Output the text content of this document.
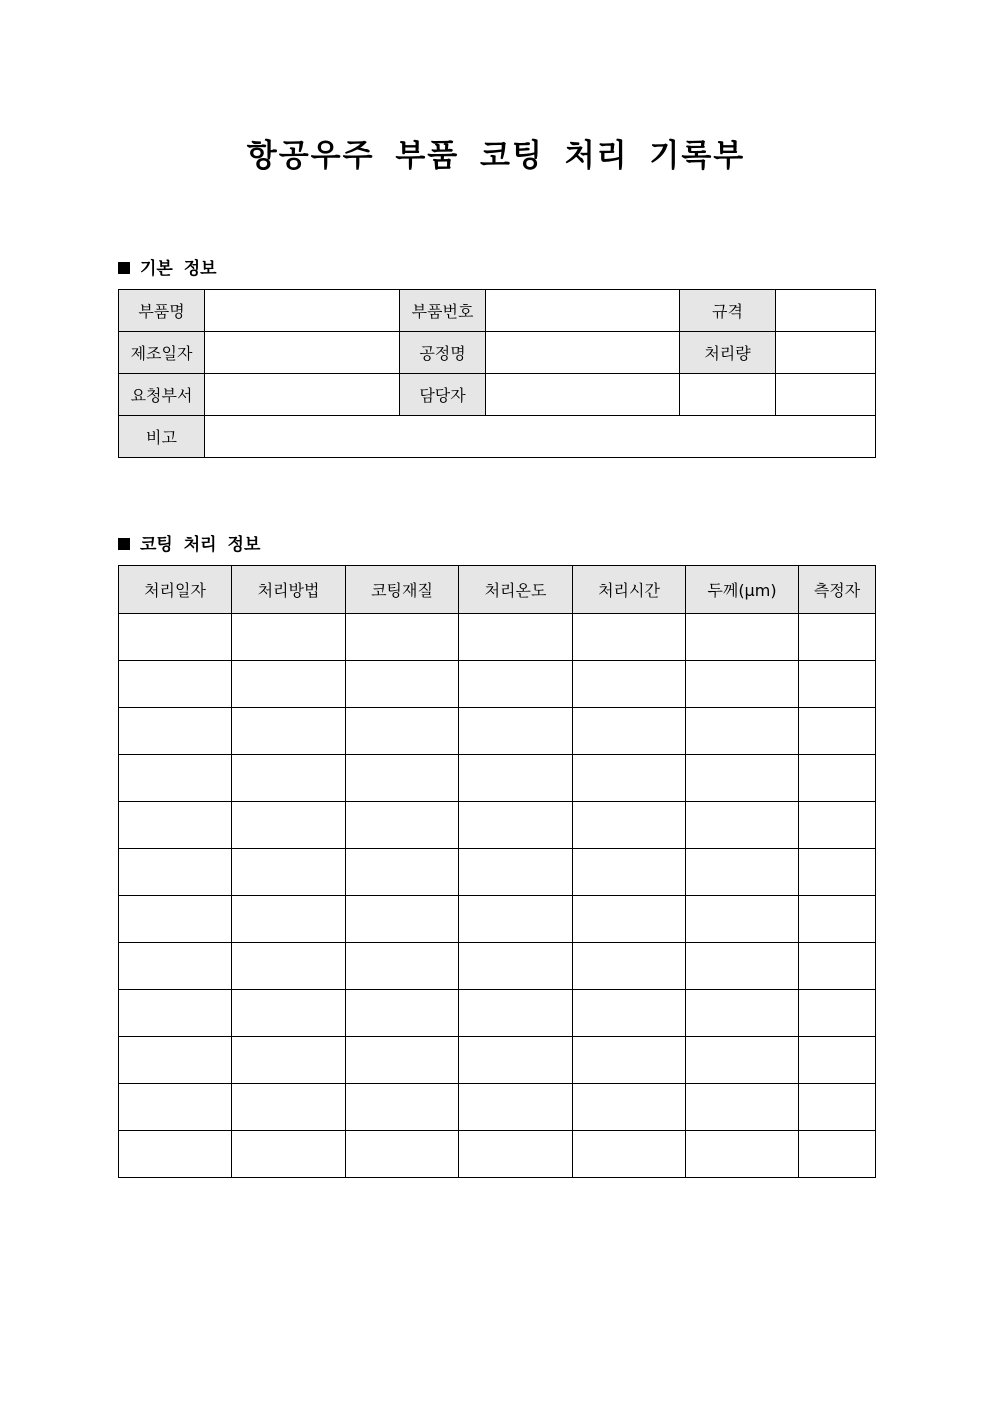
항공우주 부품 코팅 처리 기록부
기본 정보
부품명		부품번호		규격	
제조일자		공정명		처리량	
요청부서		담당자			
비고					
코팅 처리 정보
처리일자	처리방법	코팅재질	처리온도	처리시간	두께(µm)	측정자
